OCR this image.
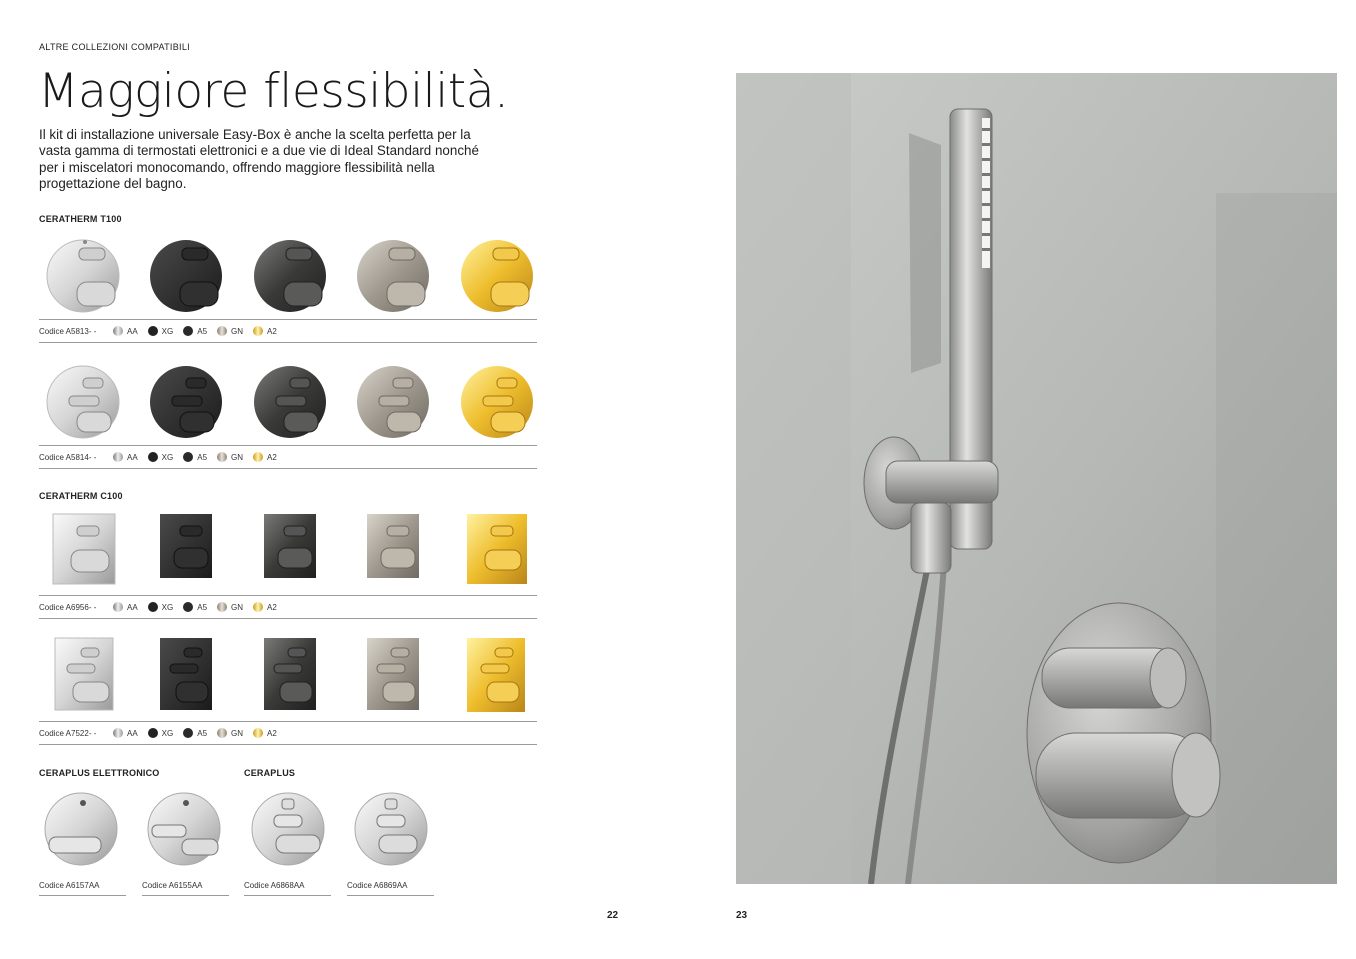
ALTRE COLLEZIONI COMPATIBILI
Maggiore flessibilità.
Il kit di installazione universale Easy-Box è anche la scelta perfetta per la vasta gamma di termostati elettronici e a due vie di Ideal Standard nonché per i miscelatori monocomando, offrendo maggiore flessibilità nella progettazione del bagno.
CERATHERM T100
Codice A5813- -	AA	XG	A5	GN	A2
Codice A5814- -	AA	XG	A5	GN	A2
CERATHERM C100
Codice A6956- -	AA	XG	A5	GN	A2
Codice A7522- -	AA	XG	A5	GN	A2
CERAPLUS ELETTRONICO	CERAPLUS
Codice A6157AA	Codice A6155AA	Codice A6868AA	Codice A6869AA
22	23
